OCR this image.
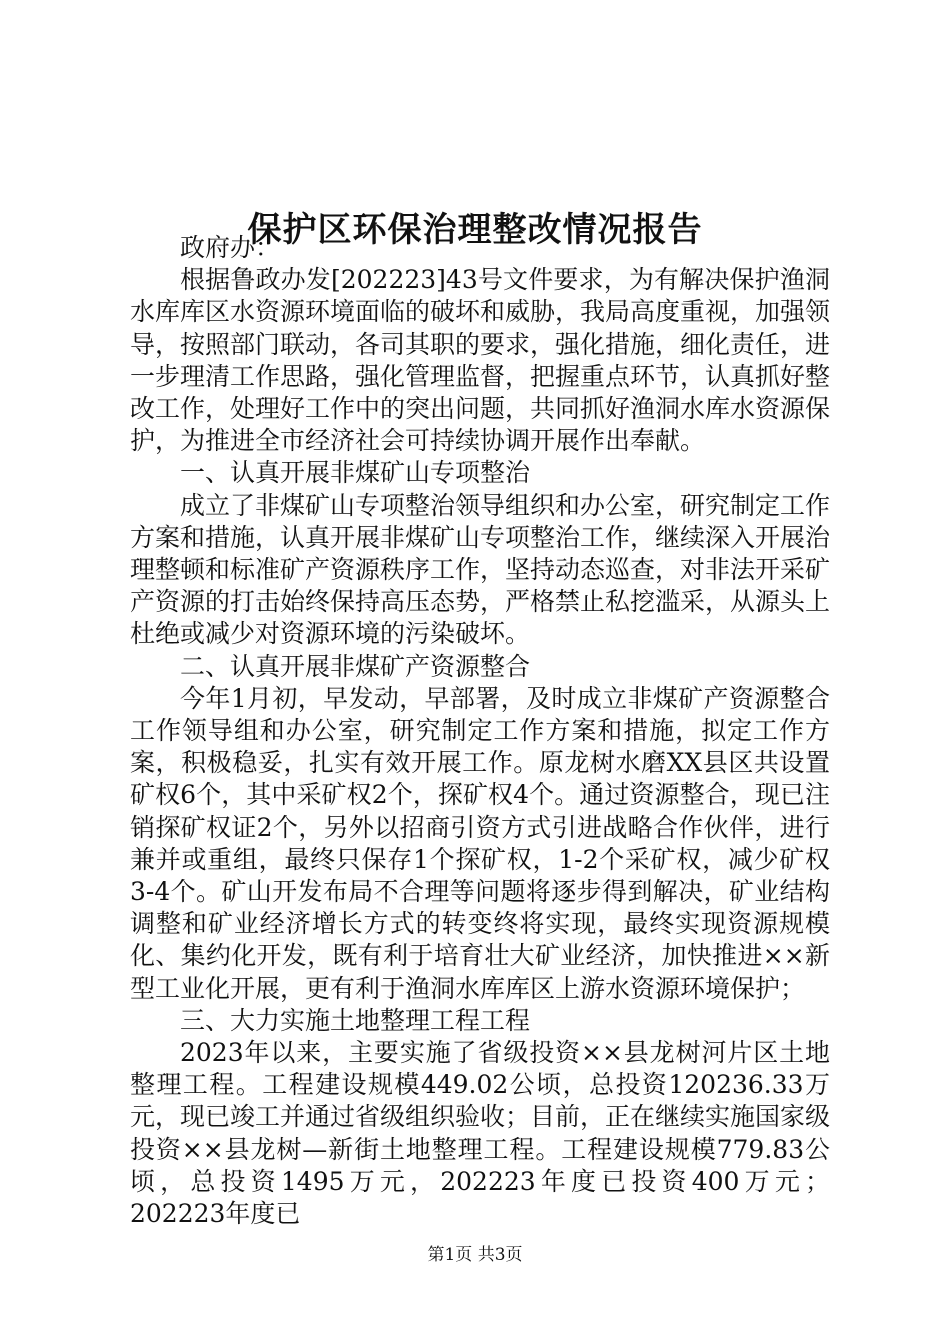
保护区环保治理整改情况报告

政府办：

根据鲁政办发[202223]43号文件要求，为有解决保护渔洞水库库区水资源环境面临的破坏和威胁，我局高度重视，加强领导，按照部门联动，各司其职的要求，强化措施，细化责任，进一步理清工作思路，强化管理监督，把握重点环节，认真抓好整改工作，处理好工作中的突出问题，共同抓好渔洞水库水资源保护，为推进全市经济社会可持续协调开展作出奉献。

一、认真开展非煤矿山专项整治

成立了非煤矿山专项整治领导组织和办公室，研究制定工作方案和措施，认真开展非煤矿山专项整治工作，继续深入开展治理整顿和标准矿产资源秩序工作，坚持动态巡查，对非法开采矿产资源的打击始终保持高压态势，严格禁止私挖滥采，从源头上杜绝或减少对资源环境的污染破坏。

二、认真开展非煤矿产资源整合

今年1月初，早发动，早部署，及时成立非煤矿产资源整合工作领导组和办公室，研究制定工作方案和措施，拟定工作方案，积极稳妥，扎实有效开展工作。原龙树水磨XX县区共设置矿权6个，其中采矿权2个，探矿权4个。通过资源整合，现已注销探矿权证2个，另外以招商引资方式引进战略合作伙伴，进行兼并或重组，最终只保存1个探矿权，1-2个采矿权，减少矿权3-4个。矿山开发布局不合理等问题将逐步得到解决，矿业结构调整和矿业经济增长方式的转变终将实现，最终实现资源规模化、集约化开发，既有利于培育壮大矿业经济，加快推进××新型工业化开展，更有利于渔洞水库库区上游水资源环境保护；

三、大力实施土地整理工程工程

2023年以来，主要实施了省级投资××县龙树河片区土地整理工程。工程建设规模449.02公顷，总投资120236.33万元，现已竣工并通过省级组织验收；目前，正在继续实施国家级投资××县龙树—新街土地整理工程。工程建设规模779.83公顷，总投资1495万元，202223年度已投资400万元；202223年度已

第1页 共3页
